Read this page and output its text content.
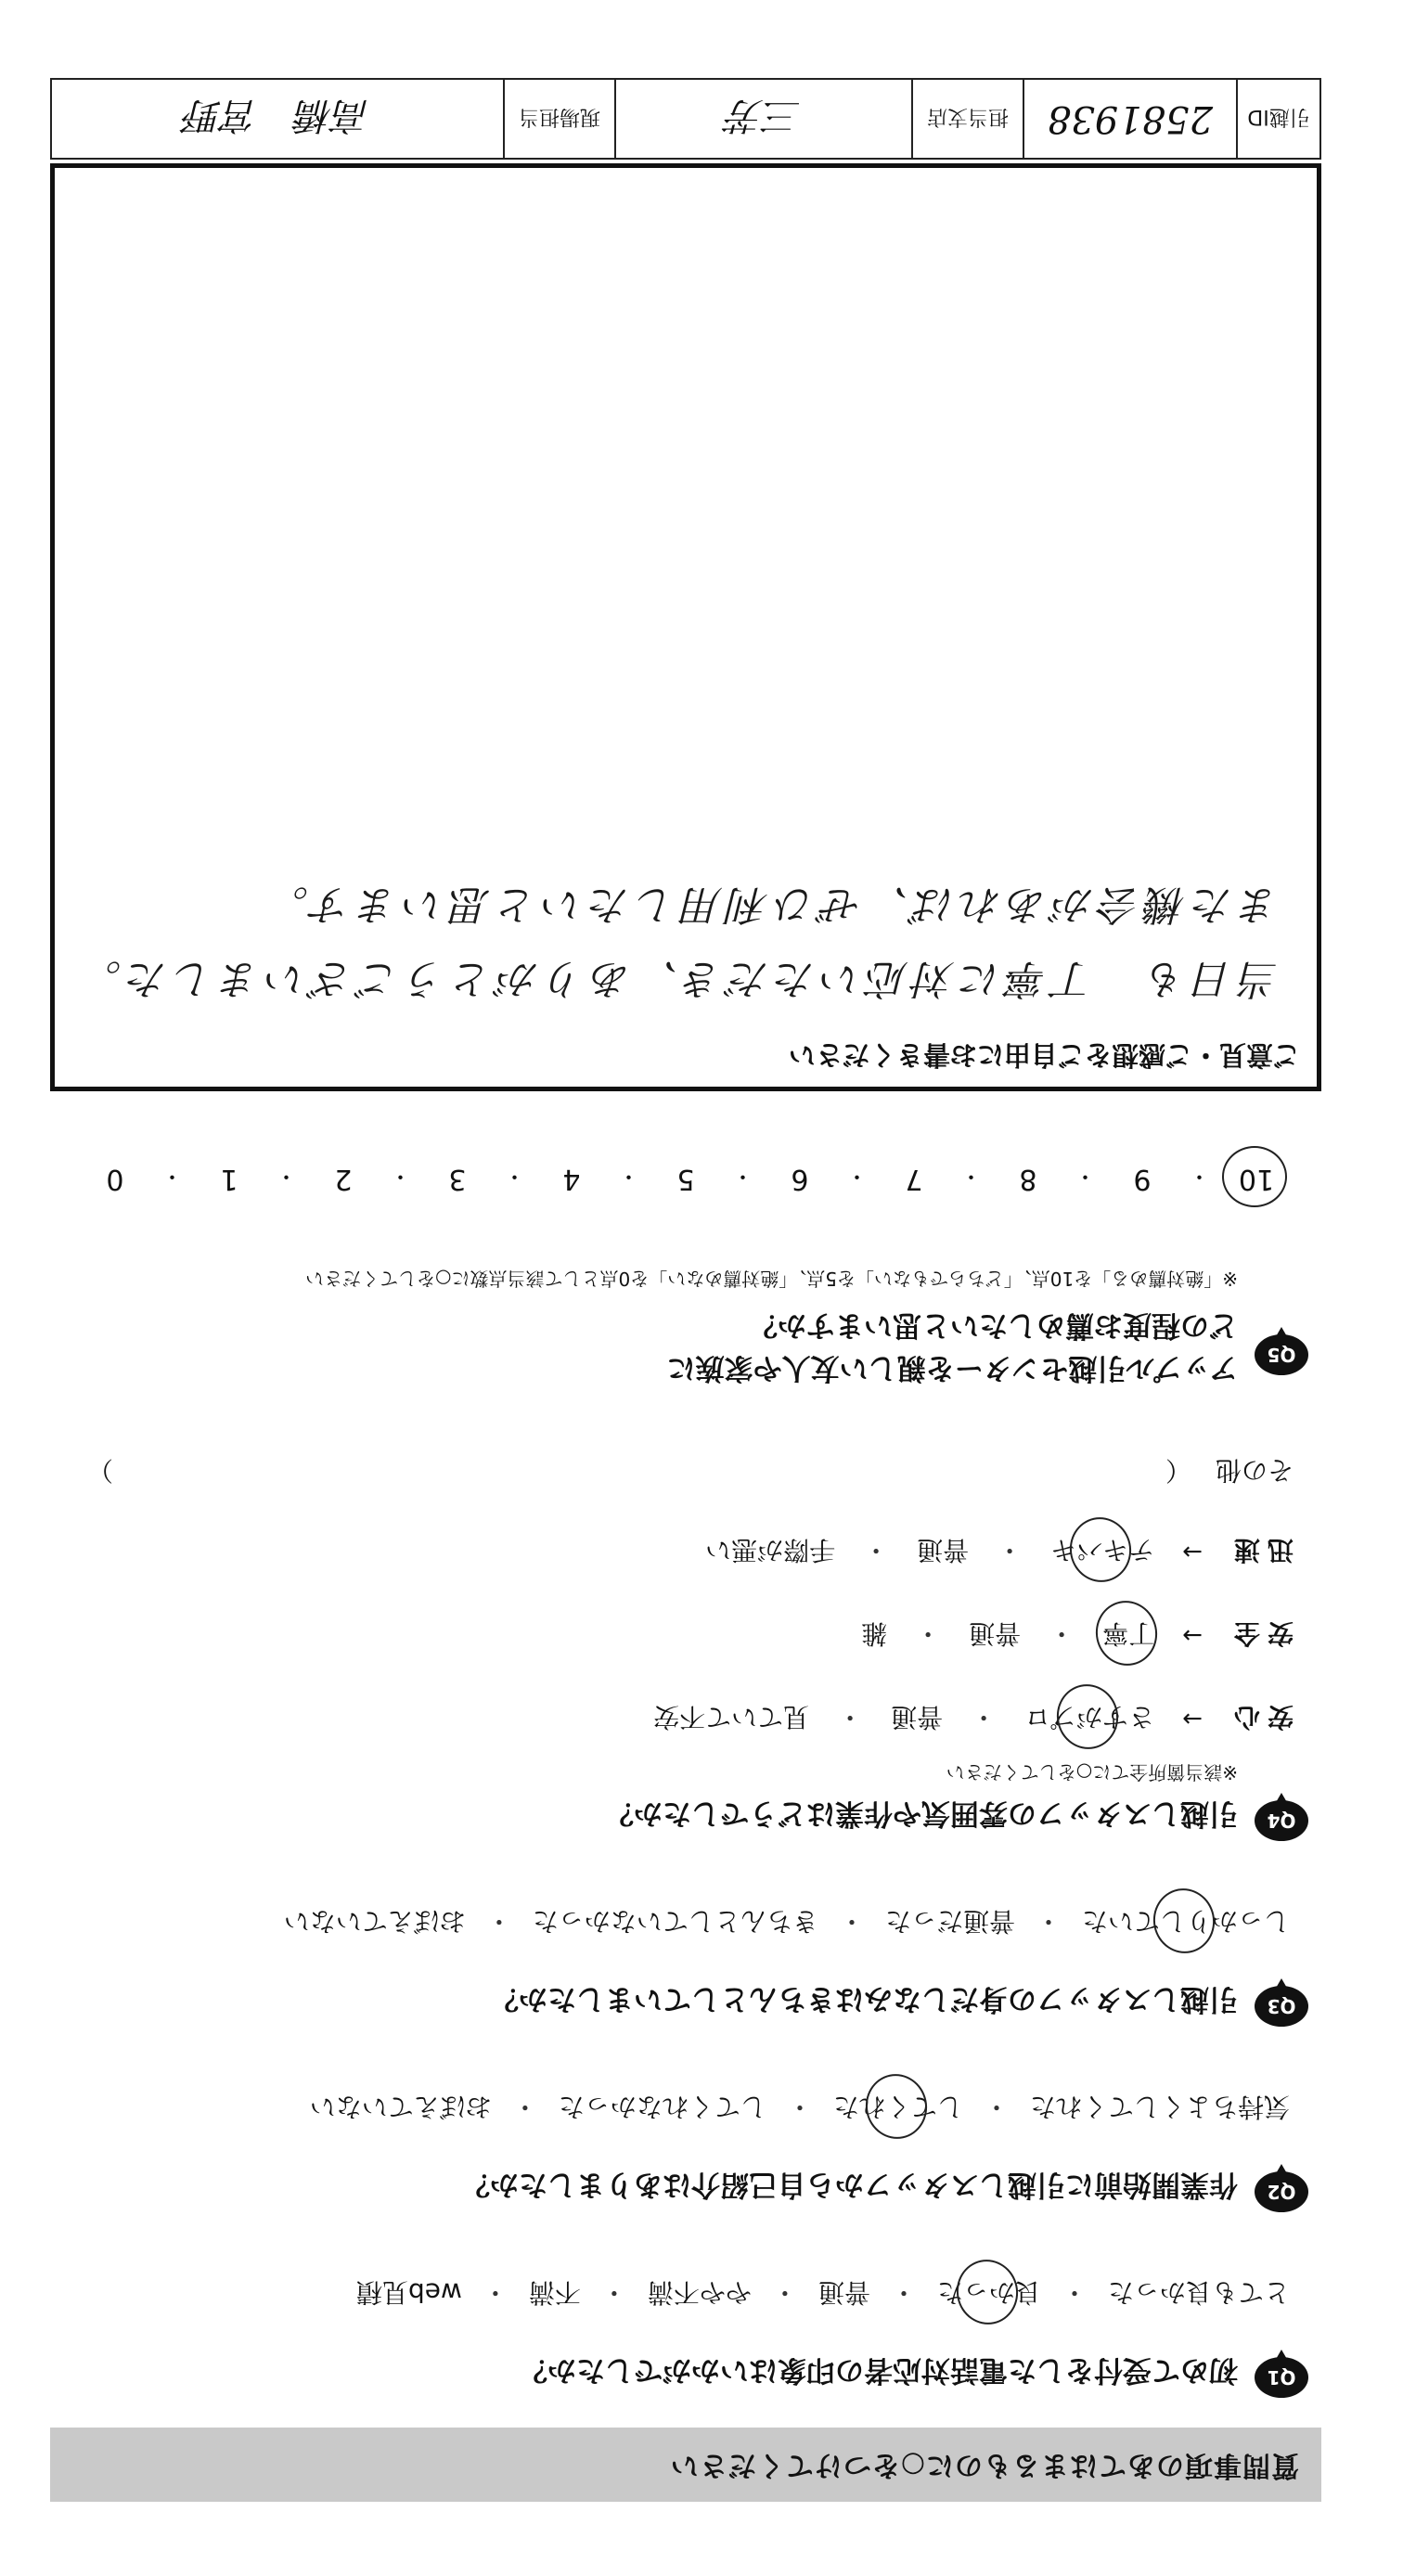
質問事項のあてはまるものに○をつけてください
Q1
初めて受付をした電話対応者の印象はいかがでしたか？
とても良かった
・
良かった
・
普通
・
やや不満
・
不満
・
web見積
Q2
作業開始前に引越しスタッフから自己紹介はありましたか？
気持ちよくしてくれた
・
してくれた
・
してくれなかった
・
おぼえていない
Q3
引越しスタッフの身だしなみはきちんとしていましたか？
しっかりしていた
・
普通だった
・
きちんとしていなかった
・
おぼえていない
Q4
引越しスタッフの雰囲気や作業はどうでしたか？
※該当箇所全てに○をしてください
安心
→
さすがプロ
・
普通
・
見ていて不安
安全
→
丁寧
・
普通
・
雑
迅速
→
テキパキ
・
普通
・
手際が悪い
その他
（
）
Q5
アップル引越センターを親しい友人や家族に
どの程度お薦めしたいと思いますか？
※「絶対薦める」を10点、「どちらでもない」を5点、「絶対薦めない」を0点として該当点数に○をしてください
10
・
9
・
8
・
7
・
6
・
5
・
4
・
3
・
2
・
1
・
0
ご意見・ご感想をご自由にお書きください
当日も　丁寧に対応いただき、ありがとうございました。
また機会があれば、ぜひ利用したいと思います。
引越ID
2581938
担当支店
三芳
現場担当
高橋　宮野
